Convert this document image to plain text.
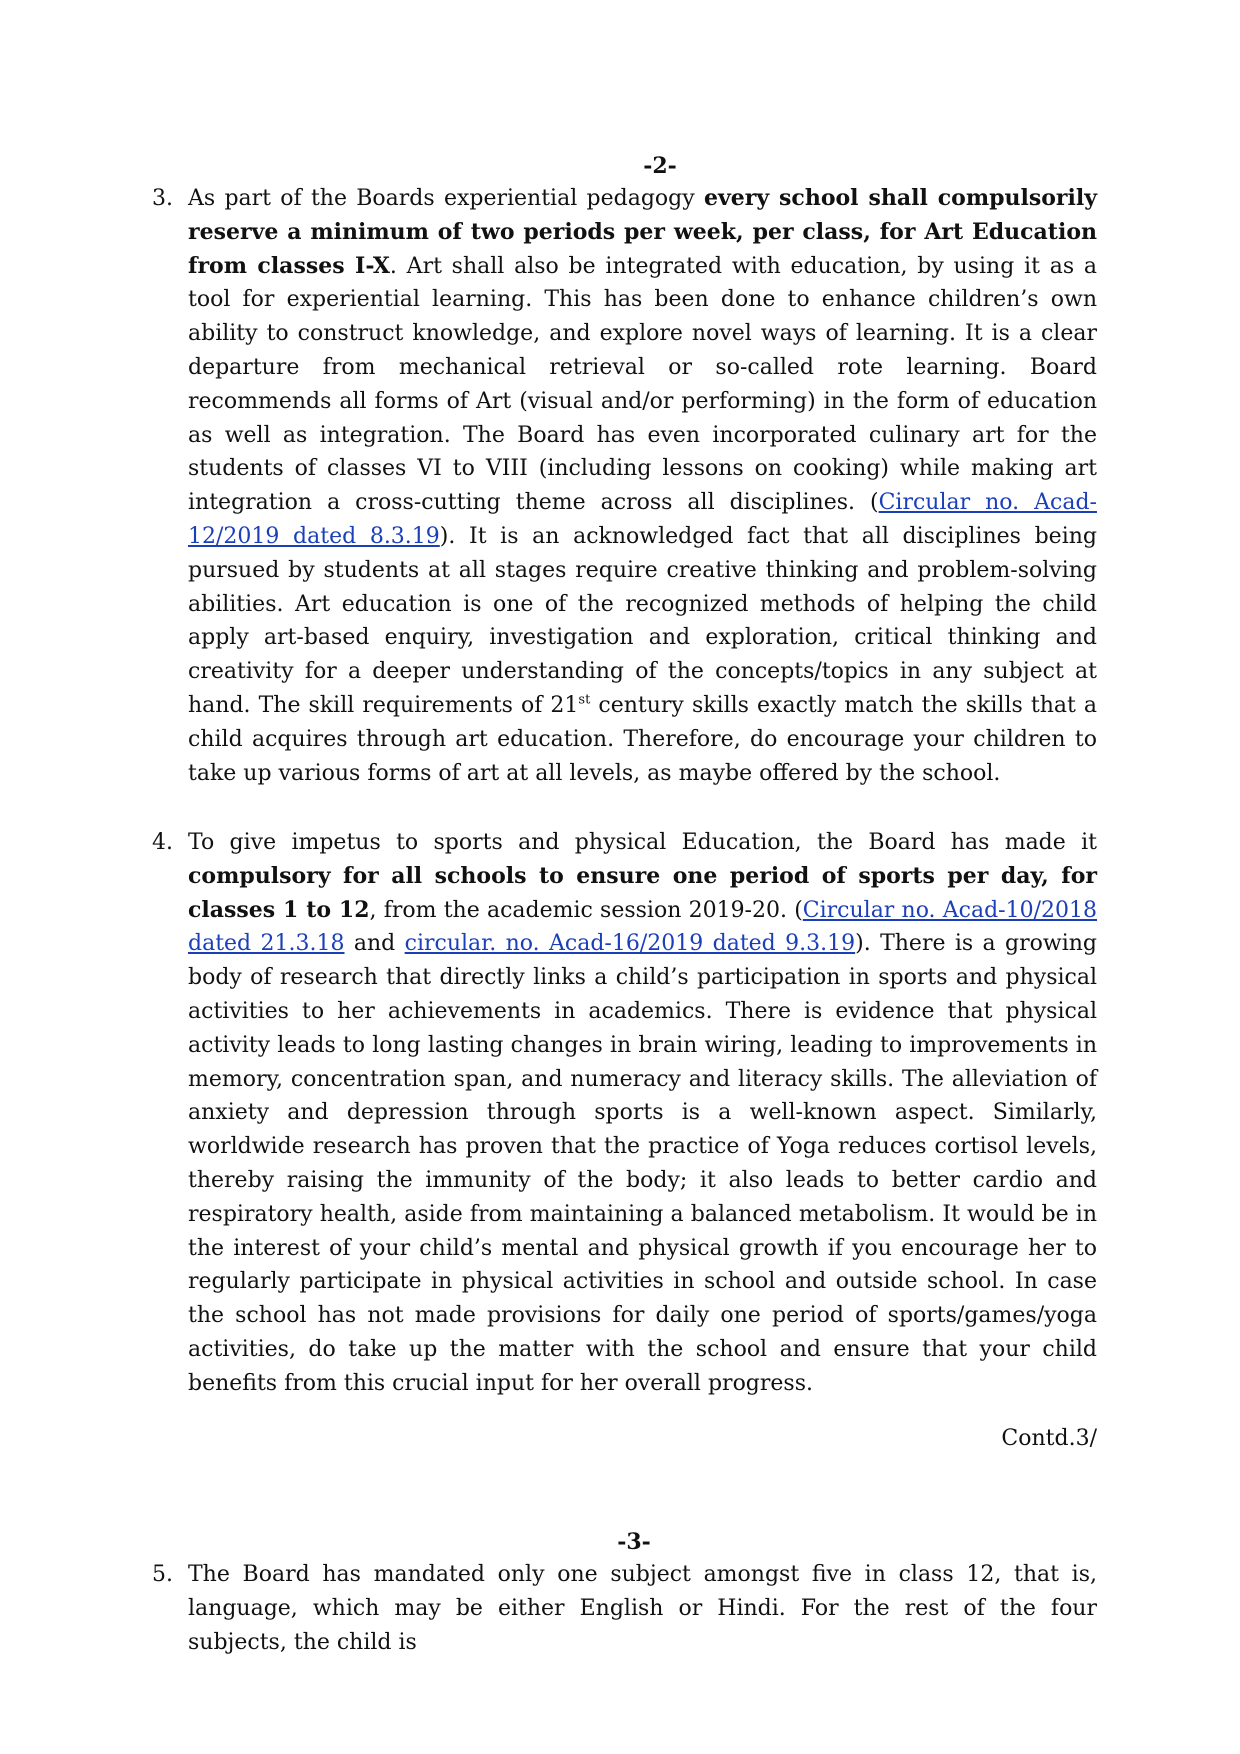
-2-
3. As part of the Boards experiential pedagogy every school shall compulsorily reserve a minimum of two periods per week, per class, for Art Education from classes I-X. Art shall also be integrated with education, by using it as a tool for experiential learning. This has been done to enhance children’s own ability to construct knowledge, and explore novel ways of learning. It is a clear departure from mechanical retrieval or so-called rote learning. Board recommends all forms of Art (visual and/or performing) in the form of education as well as integration. The Board has even incorporated culinary art for the students of classes VI to VIII (including lessons on cooking) while making art integration a cross-cutting theme across all disciplines. (Circular no. Acad-12/2019 dated 8.3.19). It is an acknowledged fact that all disciplines being pursued by students at all stages require creative thinking and problem-solving abilities. Art education is one of the recognized methods of helping the child apply art-based enquiry, investigation and exploration, critical thinking and creativity for a deeper understanding of the concepts/topics in any subject at hand. The skill requirements of 21st century skills exactly match the skills that a child acquires through art education. Therefore, do encourage your children to take up various forms of art at all levels, as maybe offered by the school.
4. To give impetus to sports and physical Education, the Board has made it compulsory for all schools to ensure one period of sports per day, for classes 1 to 12, from the academic session 2019-20. (Circular no. Acad-10/2018 dated 21.3.18 and circular. no. Acad-16/2019 dated 9.3.19). There is a growing body of research that directly links a child’s participation in sports and physical activities to her achievements in academics. There is evidence that physical activity leads to long lasting changes in brain wiring, leading to improvements in memory, concentration span, and numeracy and literacy skills. The alleviation of anxiety and depression through sports is a well-known aspect. Similarly, worldwide research has proven that the practice of Yoga reduces cortisol levels, thereby raising the immunity of the body; it also leads to better cardio and respiratory health, aside from maintaining a balanced metabolism. It would be in the interest of your child’s mental and physical growth if you encourage her to regularly participate in physical activities in school and outside school. In case the school has not made provisions for daily one period of sports/games/yoga activities, do take up the matter with the school and ensure that your child benefits from this crucial input for her overall progress.
Contd.3/
-3-
5. The Board has mandated only one subject amongst five in class 12, that is, language, which may be either English or Hindi. For the rest of the four subjects, the child is
